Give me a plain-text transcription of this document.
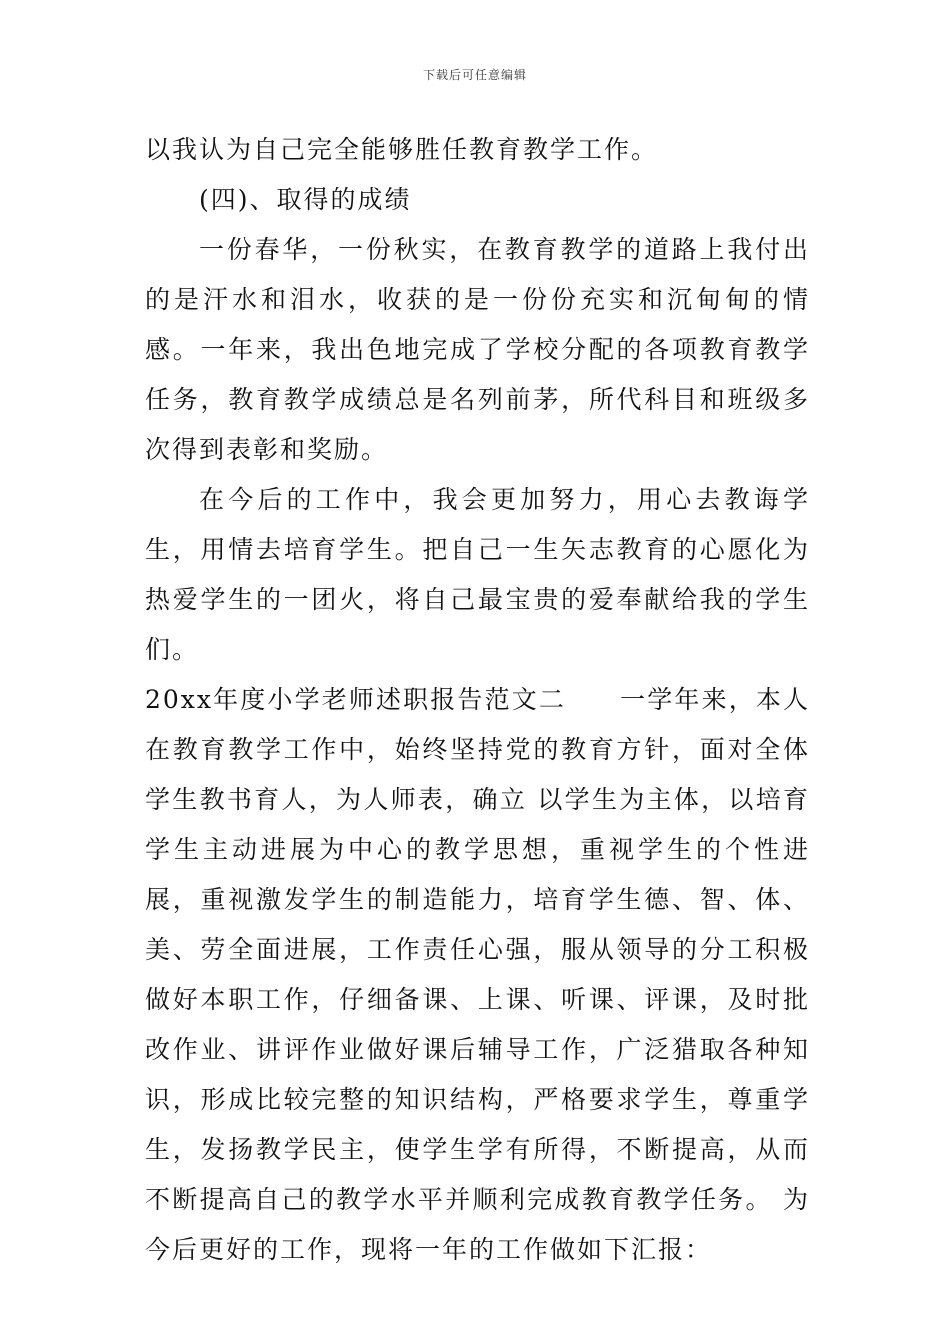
下载后可任意编辑

以我认为自己完全能够胜任教育教学工作。

(四)、取得的成绩

一份春华，一份秋实，在教育教学的道路上我付出的是汗水和泪水，收获的是一份份充实和沉甸甸的情感。一年来，我出色地完成了学校分配的各项教育教学任务，教育教学成绩总是名列前茅，所代科目和班级多次得到表彰和奖励。

在今后的工作中，我会更加努力，用心去教诲学生，用情去培育学生。把自己一生矢志教育的心愿化为热爱学生的一团火，将自己最宝贵的爱奉献给我的学生们。

20xx年度小学老师述职报告范文二 一学年来，本人在教育教学工作中，始终坚持党的教育方针，面对全体学生教书育人，为人师表，确立 以学生为主体，以培育学生主动进展为中心的教学思想，重视学生的个性进展，重视激发学生的制造能力，培育学生德、智、体、美、劳全面进展，工作责任心强，服从领导的分工积极做好本职工作，仔细备课、上课、听课、评课，及时批改作业、讲评作业做好课后辅导工作，广泛猎取各种知识，形成比较完整的知识结构，严格要求学生，尊重学生，发扬教学民主，使学生学有所得，不断提高，从而不断提高自己的教学水平并顺利完成教育教学任务。 为今后更好的工作，现将一年的工作做如下汇报：
